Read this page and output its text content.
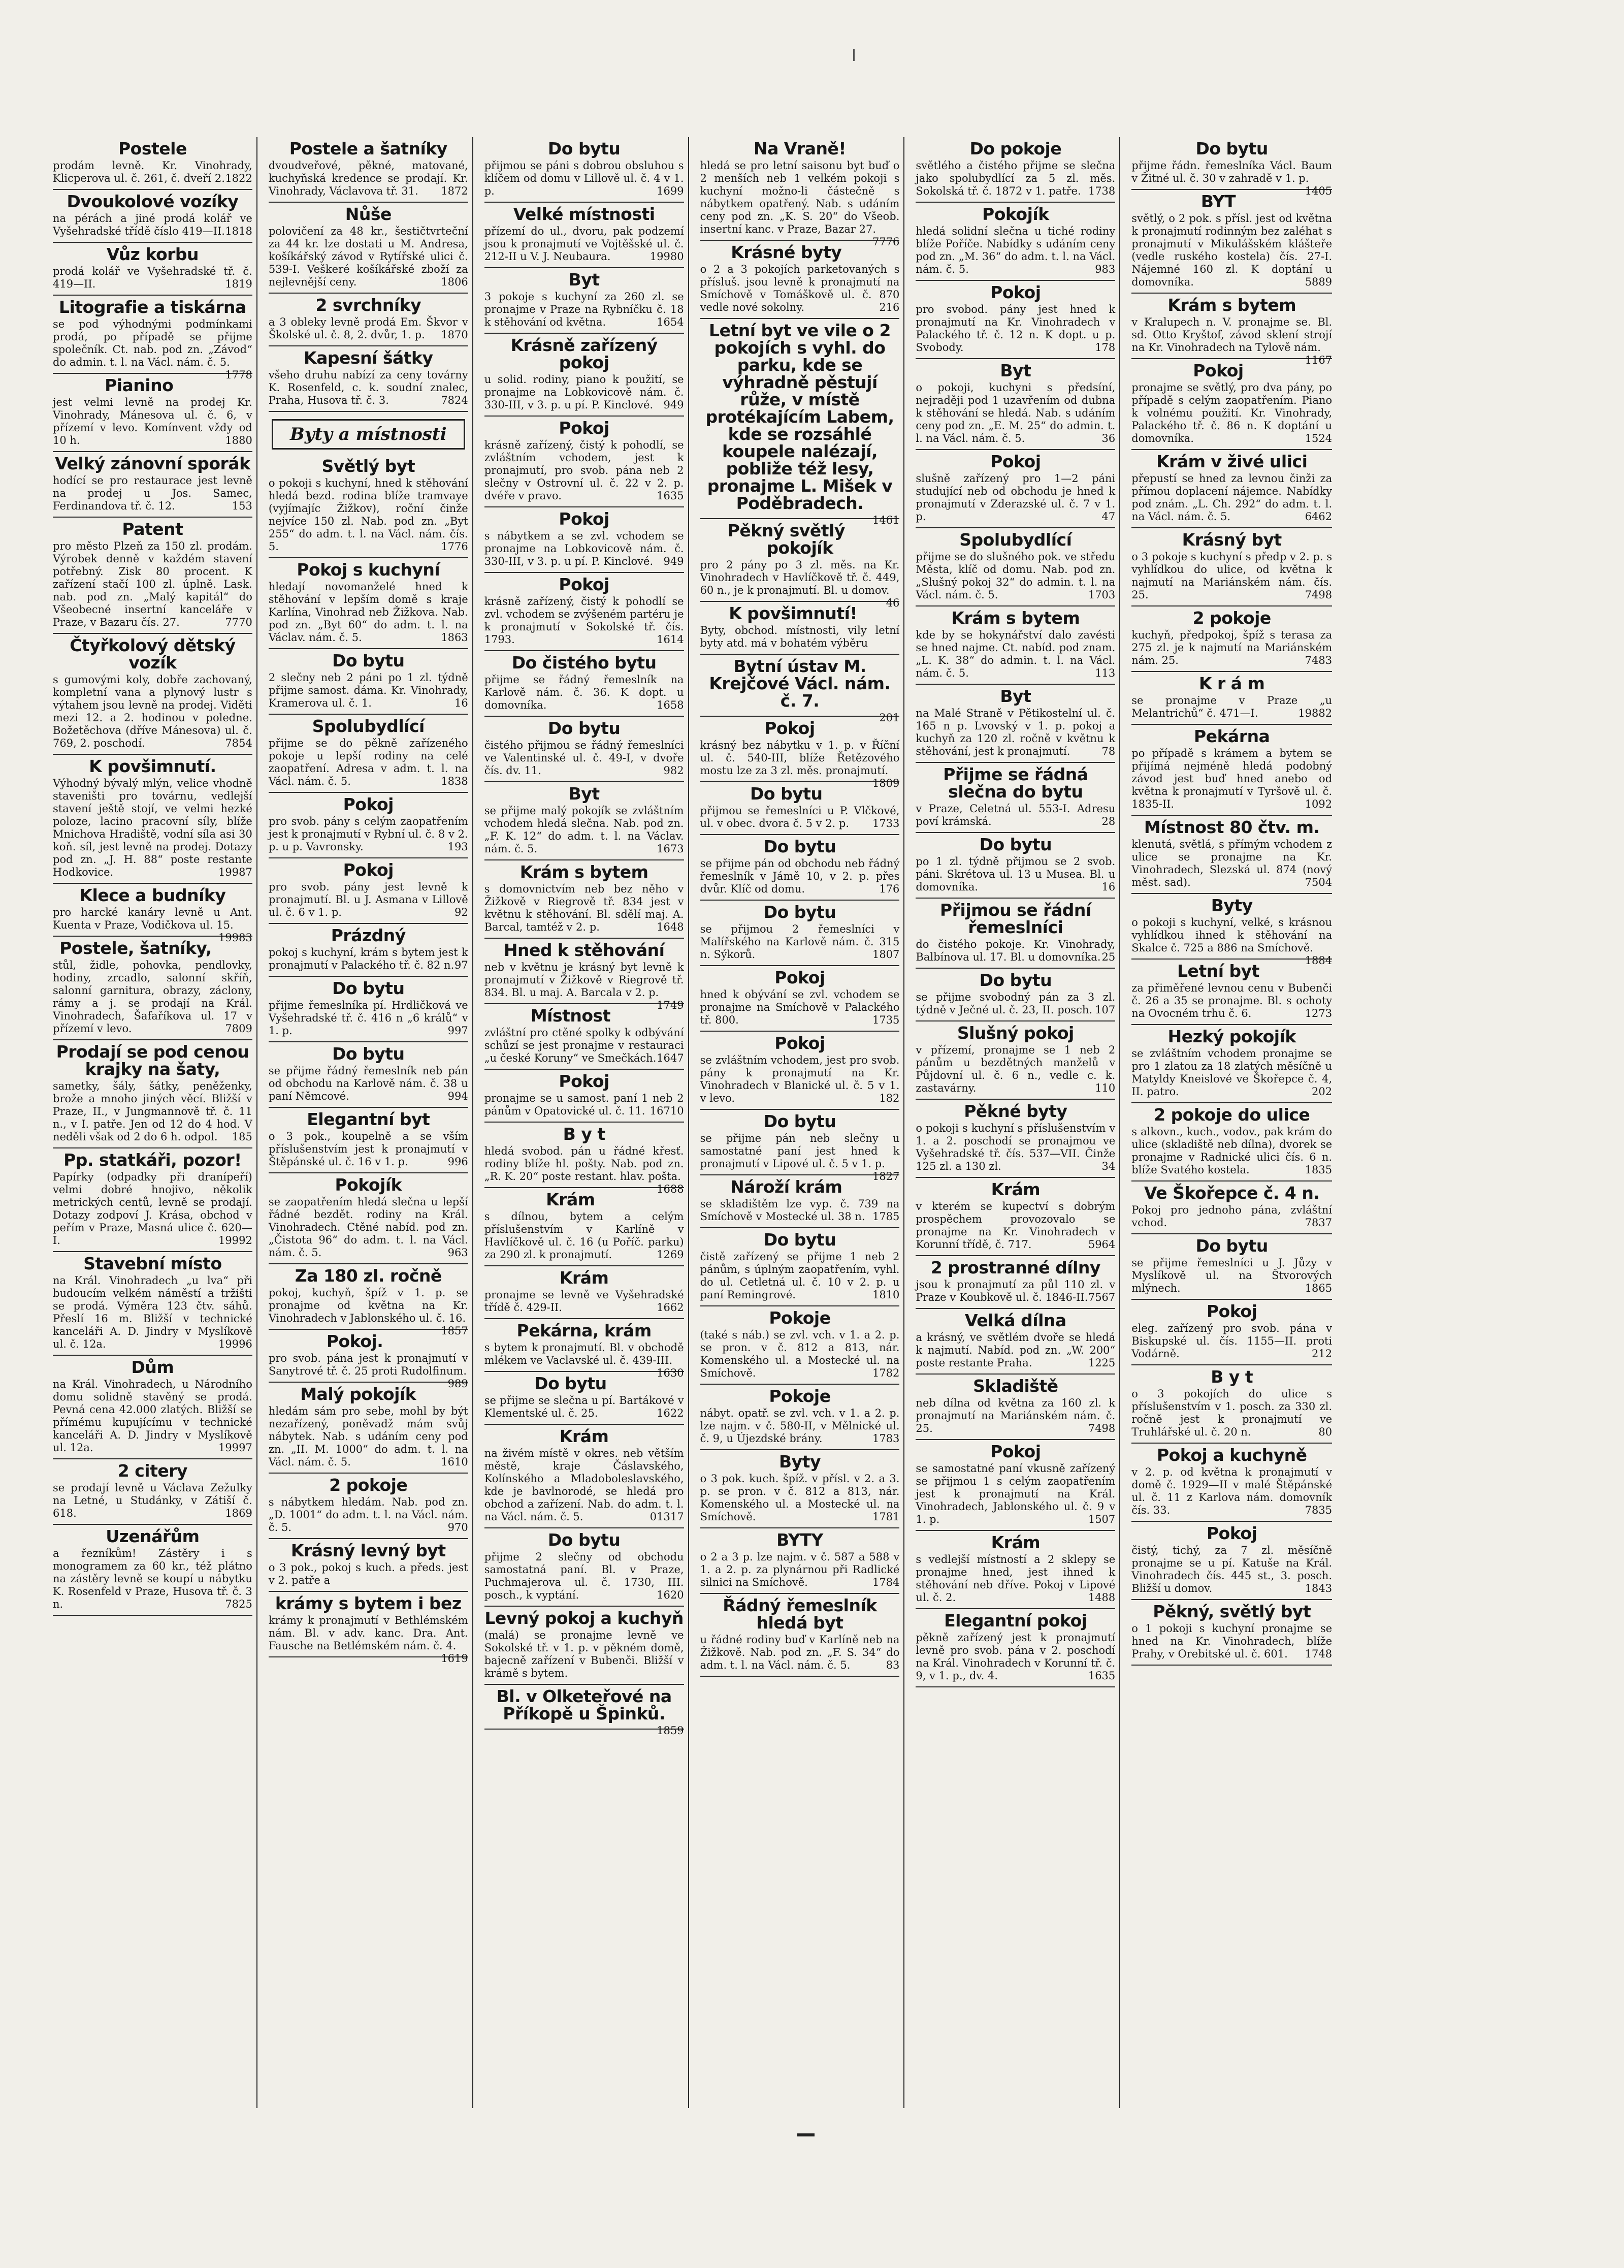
Postele

prodám levně. Kr. Vinohrady, Klicperova ul. č. 261, č. dveří 2. 1822

Dvoukolové vozíky

na pérách a jiné prodá kolář ve Vyšehradské třídě číslo 419—II. 1818

Vůz korbu

prodá kolář ve Vyšehradské tř. č. 419—II.	1819

Litografie a tiskárna

se pod výhodnými podmínkami prodá, po případě se přijme společník. Ct. nab. pod zn. „Závod“ do admin. t. l. na Václ. nám. č. 5.
1778

Pianino

jest velmi levně na prodej Kr. Vinohrady, Mánesova ul. č. 6, v přízemí v levo. Komínvent vždy od 10 h.	1880

Velký zánovní sporák

hodící se pro restaurace jest levně na prodej u Jos. Samec, Ferdinandova tř. č. 12.	153

Patent

pro město Plzeň za 150 zl. prodám. Výrobek denně v každém stavení potřebný. Zisk 80 procent. K zařízení stačí 100 zl. úplně. Lask. nab. pod zn. „Malý kapitál“ do Všeobecné insertní kanceláře v Praze, v Bazaru čís. 27.	7770

Čtyřkolový dětský vozík

s gumovými koly, dobře zachovaný, kompletní vana a plynový lustr s výtahem jsou levně na prodej. Viděti mezi 12. a 2. hodinou v poledne. Božetěchova (dříve Mánesova) ul. č. 769, 2. poschodí.	7854

K povšimnutí.

Výhodný bývalý mlýn, velice vhodně staveništi pro továrnu, vedlejší stavení ještě stojí, ve velmi hezké poloze, lacino pracovní síly, blíže Mnichova Hradiště, vodní síla asi 30 koň. síl, jest levně na prodej. Dotazy pod zn. „J. H. 88“ poste restante Hodkovice.	19987

Klece a budníky

pro harcké kanáry levně u Ant. Kuenta v Praze, Vodičkova ul. 15.
19983

Postele, šatníky,

stůl, židle, pohovka, pendlovky, hodiny, zrcadlo, salonní skříň, salonní garnitura, obrazy, záclony, rámy a j. se prodají na Král. Vinohradech, Šafaříkova ul. 17 v přízemí v levo.	7809

Prodají se pod cenou krajky na šaty,

sametky, šály, šátky, peněženky, brože a mnoho jiných věcí. Bližší v Praze, II., v Jungmannově tř. č. 11 n., v I. patře. Jen od 12 do 4 hod. V neděli však od 2 do 6 h. odpol. 185

Pp. statkáři, pozor!

Papírky (odpadky při dranípeří) velmi dobré hnojivo, několik metrických centů, levně se prodají. Dotazy zodpoví J. Krása, obchod v peřím v Praze, Masná ulice č. 620—I.	19992

Stavební místo

na Král. Vinohradech „u lva“ při budoucím velkém náměstí a tržišti se prodá. Výměra 123 čtv. sáhů. Přeslí 16 m. Bližší v technické kanceláři A. D. Jindry v Myslíkově ul. č. 12a.	19996

Dům

na Král. Vinohradech, u Národního domu solidně stavěný se prodá. Pevná cena 42.000 zlatých. Bližší se přímému kupujícímu v technické kanceláři A. D. Jindry v Myslíkově ul. 12a.	19997

2 citery

se prodají levně u Václava Zežulky na Letné, u Studánky, v Zátiší č. 618.	1869

Uzenářům

a řezníkům! Zástěry i s monogramem za 60 kr., též plátno na zástěry levně se koupí u nábytku K. Rosenfeld v Praze, Husova tř. č. 3 n.	7825

Postele a šatníky

dvoudveřové, pěkné, matované, kuchyňská kredence se prodají. Kr. Vinohrady, Václavova tř. 31. 1872

Nůše

polovičení za 48 kr., šestičtvrteční za 44 kr. lze dostati u M. Andresa, košíkářský závod v Rytířské ulici č. 539-I. Veškeré košíkářské zboží za nejlevnější ceny.	1806

2 svrchníky

a 3 obleky levně prodá Em. Škvor v Školské ul. č. 8, 2. dvůr, 1. p. 1870

Kapesní šátky

všeho druhu nabízí za ceny továrny K. Rosenfeld, c. k. soudní znalec, Praha, Husova tř. č. 3.	7824

Byty a místnosti
Světlý byt

o pokoji s kuchyní, hned k stěhování hledá bezd. rodina blíže tramvaye (vyjímajíc Žižkov), roční činže nejvíce 150 zl. Nab. pod zn. „Byt 255“ do adm. t. l. na Václ. nám. čís. 5.	1776

Pokoj s kuchyní

hledají novomanželé hned k stěhování v lepším domě s kraje Karlína, Vinohrad neb Žižkova. Nab. pod zn. „Byt 60“ do adm. t. l. na Václav. nám. č. 5.	1863

Do bytu

2 slečny neb 2 páni po 1 zl. týdně přijme samost. dáma. Kr. Vinohrady, Kramerova ul. č. 1.	16

Spolubydlící

přijme se do pěkně zařízeného pokoje u lepší rodiny na celé zaopatření. Adresa v adm. t. l. na Václ. nám. č. 5.	1838

Pokoj

pro svob. pány s celým zaopatřením jest k pronajmutí v Rybní ul. č. 8 v 2. p. u p. Vavronsky.	193

Pokoj

pro svob. pány jest levně k pronajmutí. Bl. u J. Asmana v Lillově ul. č. 6 v 1. p.	92

Prázdný

pokoj s kuchyní, krám s bytem jest k pronajmutí v Palackého tř. č. 82 n. 97

Do bytu

přijme řemeslníka pí. Hrdličková ve Vyšehradské tř. č. 416 n „6 králů“ v 1. p.	997

Do bytu

se přijme řádný řemeslník neb pán od obchodu na Karlově nám. č. 38 u paní Němcové.	994

Elegantní byt

o 3 pok., koupelně a se vším příslušenstvím jest k pronajmutí v Štěpánské ul. č. 16 v 1. p.	996

Pokojík

se zaopatřením hledá slečna u lepší řádné bezdět. rodiny na Král. Vinohradech. Ctěné nabíd. pod zn. „Čistota 96“ do adm. t. l. na Václ. nám. č. 5.	963

Za 180 zl. ročně

pokoj, kuchyň, špíž v 1. p. se pronajme od května na Kr. Vinohradech v Jablonského ul. č. 16.
1857

Pokoj.

pro svob. pána jest k pronajmutí v Sanytrové tř. č. 25 proti Rudolfinum.
989

Malý pokojík

hledám sám pro sebe, mohl by být nezařízený, poněvadž mám svůj nábytek. Nab. s udáním ceny pod zn. „II. M. 1000“ do adm. t. l. na Václ. nám. č. 5.	1610

2 pokoje

s nábytkem hledám. Nab. pod zn. „D. 1001“ do adm. t. l. na Václ. nám. č. 5.	970

Krásný levný byt

o 3 pok., pokoj s kuch. a předs. jest v 2. patře a

krámy s bytem i bez

krámy k pronajmutí v Bethlémském nám. Bl. v adv. kanc. Dra. Ant. Fausche na Betlémském nám. č. 4.
1619

Do bytu

přijmou se páni s dobrou obsluhou s klíčem od domu v Lillově ul. č. 4 v 1. p.	1699

Velké místnosti

přízemí do ul., dvoru, pak podzemí jsou k pronajmutí ve Vojtěšské ul. č. 212-II u V. J. Neubaura.	19980

Byt

3 pokoje s kuchyní za 260 zl. se pronajme v Praze na Rybníčku č. 18 k stěhování od května.	1654

Krásně zařízený pokoj

u solid. rodiny, piano k použití, se pronajme na Lobkovicově nám. č. 330-III, v 3. p. u pí. P. Kinclové. 949

Pokoj

krásně zařízený, čistý k pohodlí, se zvláštním vchodem, jest k pronajmutí, pro svob. pána neb 2 slečny v Ostrovní ul. č. 22 v 2. p. dvéře v pravo.	1635

Pokoj

s nábytkem a se zvl. vchodem se pronajme na Lobkovicově nám. č. 330-III, v 3. p. u pí. P. Kinclové. 949

Pokoj

krásně zařízený, čistý k pohodlí se zvl. vchodem se zvýšeném partéru je k pronajmutí v Sokolské tř. čís. 1793.	1614

Do čistého bytu

přijme se řádný řemeslník na Karlově nám. č. 36. K dopt. u domovníka.	1658

Do bytu

čistého přijmou se řádný řemeslníci ve Valentinské ul. č. 49-I, v dvoře čís. dv. 11.	982

Byt

se přijme malý pokojík se zvláštním vchodem hledá slečna. Nab. pod zn. „F. K. 12“ do adm. t. l. na Václav. nám. č. 5.	1673

Krám s bytem

s domovnictvím neb bez něho v Žižkově v Riegrově tř. 834 jest v květnu k stěhování. Bl. sdělí maj. A. Barcal, tamtéž v 2. p.	1648

Hned k stěhování

neb v květnu je krásný byt levně k pronajmutí v Žižkově v Riegrově tř. 834. Bl. u maj. A. Barcala v 2. p.
1749

Místnost

zvláštní pro ctěné spolky k odbývání schůzí se jest pronajme v restauraci „u české Koruny“ ve Smečkách. 1647

Pokoj

pronajme se u samost. paní 1 neb 2 pánům v Opatovické ul. č. 11. 16710

B y t

hledá svobod. pán u řádné křesť. rodiny blíže hl. pošty. Nab. pod zn. „R. K. 20“ poste restant. hlav. pošta.
1688

Krám

s dílnou, bytem a celým příslušenstvím v Karlíně v Havlíčkově ul. č. 16 (u Poříč. parku) za 290 zl. k pronajmutí.	1269

Krám

pronajme se levně ve Vyšehradské třídě č. 429-II.	1662

Pekárna, krám

s bytem k pronajmutí. Bl. v obchodě mlékem ve Vaclavské ul. č. 439-III.
1630

Do bytu

se přijme se slečna u pí. Bartákové v Klementské ul. č. 25.	1622

Krám

na živém místě v okres. neb větším městě, kraje Čáslavského, Kolínského a Mladoboleslavského, kde je bavlnorodé, se hledá pro obchod a zařízení. Nab. do adm. t. l. na Václ. nám. č. 5.	01317

Do bytu

přijme 2 slečny od obchodu samostatná paní. Bl. v Praze, Puchmajerova ul. č. 1730, III. posch., k vyptání.	1620

Levný pokoj a kuchyň

(malá) se pronajme levně ve Sokolské tř. v 1. p. v pěkném domě, bajecně zařízení v Bubenči. Bližší v krámě s bytem.

Bl. v Olketeřové na Příkopě u Špinků.

1859

Na Vraně!

hledá se pro letní saisonu byt buď o 2 menších neb 1 velkém pokoji s kuchyní možno-li částečně s nábytkem opatřený. Nab. s udáním ceny pod zn. „K. S. 20“ do Všeob. insertní kanc. v Praze, Bazar 27.
7776

Krásné byty

o 2 a 3 pokojích parketovaných s přísluš. jsou levně k pronajmutí na Smíchově v Tomáškově ul. č. 870 vedle nové sokolny.	216

Letní byt ve vile o 2 pokojích s vyhl. do parku, kde se výhradně pěstují růže, v místě protékajícím Labem, kde se rozsáhlé koupele nalézají, pobliže též lesy, pronajme L. Mišek v Poděbradech.

1461

Pěkný světlý pokojík

pro 2 pány po 3 zl. měs. na Kr. Vinohradech v Havlíčkově tř. č. 449, 60 n., je k pronajmutí. Bl. u domov.
46

K povšimnutí!

Byty, obchod. místnosti, vily letní byty atd. má v bohatém výběru

Bytní ústav M. Krejčové Václ. nám. č. 7.

201

Pokoj

krásný bez nábytku v 1. p. v Říční ul. č. 540-III, blíže Řetězového mostu lze za 3 zl. měs. pronajmutí.
1809

Do bytu

přijmou se řemeslníci u P. Vlčkové, ul. v obec. dvora č. 5 v 2. p. 1733

Do bytu

se přijme pán od obchodu neb řádný řemeslník v Jámě 10, v 2. p. přes dvůr. Klíč od domu.	176

Do bytu

se přijmou 2 řemeslníci v Malířského na Karlově nám. č. 315 n. Sýkorů.	1807

Pokoj

hned k obývání se zvl. vchodem se pronajme na Smíchově v Palackého tř. 800.	1735

Pokoj

se zvláštním vchodem, jest pro svob. pány k pronajmutí na Kr. Vinohradech v Blanické ul. č. 5 v 1. v levo.	182

Do bytu

se přijme pán neb slečny u samostatné paní jest hned k pronajmutí v Lipové ul. č. 5 v 1. p.
1827

Nároží krám

se skladištěm lze vyp. č. 739 na Smíchově v Mostecké ul. 38 n. 1785

Do bytu

čistě zařízený se přijme 1 neb 2 pánům, s úplným zaopatřením, vyhl. do ul. Cetletná ul. č. 10 v 2. p. u paní Remingrové.	1810

Pokoje

(také s náb.) se zvl. vch. v 1. a 2. p. se pron. v č. 812 a 813, nár. Komenského ul. a Mostecké ul. na Smíchově.	1782

Pokoje

nábyt. opatř. se zvl. vch. v 1. a 2. p. lze najm. v č. 580-II, v Mělnické ul. č. 9, u Újezdské brány.	1783

Byty

o 3 pok. kuch. špíž. v přísl. v 2. a 3. p. se pron. v č. 812 a 813, nár. Komenského ul. a Mostecké ul. na Smíchově.	1781

BYTY

o 2 a 3 p. lze najm. v č. 587 a 588 v 1. a 2. p. za plynárnou při Radlické silnici na Smíchově.	1784

Řádný řemeslník hledá byt

u řádné rodiny buď v Karlíně neb na Žižkově. Nab. pod zn. „F. S. 34“ do adm. t. l. na Václ. nám. č. 5.	83

Do pokoje

světlého a čistého přijme se slečna jako spolubydlící za 5 zl. měs. Sokolská tř. č. 1872 v 1. patře. 1738

Pokojík

hledá solidní slečna u tiché rodiny blíže Poříče. Nabídky s udáním ceny pod zn. „M. 36“ do adm. t. l. na Václ. nám. č. 5.	983

Pokoj

pro svobod. pány jest hned k pronajmutí na Kr. Vinohradech v Palackého tř. č. 12 n. K dopt. u p. Svobody.	178

Byt

o pokoji, kuchyni s předsíní, nejraději pod 1 uzavřením od dubna k stěhování se hledá. Nab. s udáním ceny pod zn. „E. M. 25“ do admin. t. l. na Václ. nám. č. 5.	36

Pokoj

slušně zařízený pro 1—2 páni studující neb od obchodu je hned k pronajmutí v Zderazské ul. č. 7 v 1. p.	47

Spolubydlící

přijme se do slušného pok. ve středu Města, klíč od domu. Nab. pod zn. „Slušný pokoj 32“ do admin. t. l. na Václ. nám. č. 5.	1703

Krám s bytem

kde by se hokynářství dalo zavésti se hned najme. Ct. nabíd. pod znam. „L. K. 38“ do admin. t. l. na Václ. nám. č. 5.	113

Byt

na Malé Straně v Pětikostelní ul. č. 165 n p. Lvovský v 1. p. pokoj a kuchyň za 120 zl. ročně v květnu k stěhování, jest k pronajmutí.	78

Přijme se řádná slečna do bytu

v Praze, Celetná ul. 553-I. Adresu poví krámská.	28

Do bytu

po 1 zl. týdně přijmou se 2 svob. páni. Skrétova ul. 13 u Musea. Bl. u domovníka.	16

Přijmou se řádní řemeslníci

do čistého pokoje. Kr. Vinohrady, Balbínova ul. 17. Bl. u domovníka. 25

Do bytu

se přijme svobodný pán za 3 zl. týdně v Ječné ul. č. 23, II. posch. 107

Slušný pokoj

v přízemí, pronajme se 1 neb 2 pánům u bezdětných manželů v Půjdovní ul. č. 6 n., vedle c. k. zastavárny.	110

Pěkné byty

o pokoji s kuchyní s příslušenstvím v 1. a 2. poschodí se pronajmou ve Vyšehradské tř. čís. 537—VII. Činže 125 zl. a 130 zl.	34

Krám

v kterém se kupectví s dobrým prospěchem provozovalo se pronajme na Kr. Vinohradech v Korunní třídě, č. 717.	5964

2 prostranné dílny

jsou k pronajmutí za půl 110 zl. v Praze v Koubkově ul. č. 1846-II. 7567

Velká dílna

a krásný, ve světlém dvoře se hledá k najmutí. Nabíd. pod zn. „W. 200“ poste restante Praha.	1225

Skladiště

neb dílna od května za 160 zl. k pronajmutí na Mariánském nám. č. 25.	7498

Pokoj

se samostatné paní vkusně zařízený se přijmou 1 s celým zaopatřením jest k pronajmutí na Král. Vinohradech, Jablonského ul. č. 9 v 1. p.	1507

Krám

s vedlejší místností a 2 sklepy se pronajme hned, jest ihned k stěhování neb dříve. Pokoj v Lipové ul. č. 2.	1488

Elegantní pokoj

pěkně zařízený jest k pronajmutí levně pro svob. pána v 2. poschodí na Král. Vinohradech v Korunní tř. č. 9, v 1. p., dv. 4.	1635

Do bytu

přijme řádn. řemeslníka Václ. Baum v Žitné ul. č. 30 v zahradě v 1. p.
1405

BYT

světlý, o 2 pok. s přísl. jest od května k pronajmutí rodinným bez zaléhat s pronajmutí v Mikulášském klášteře (vedle ruského kostela) čís. 27-I. Nájemné 160 zl. K doptání u domovníka.	5889

Krám s bytem

v Kralupech n. V. pronajme se. Bl. sd. Otto Kryštof, závod sklení strojí na Kr. Vinohradech na Tylově nám.
1167

Pokoj

pronajme se světlý, pro dva pány, po případě s celým zaopatřením. Piano k volnému použití. Kr. Vinohrady, Palackého tř. č. 86 n. K doptání u domovníka.	1524

Krám v živé ulici

přepustí se hned za levnou činži za přímou doplacení nájemce. Nabídky pod znám. „L. Ch. 292“ do adm. t. l. na Václ. nám. č. 5.	6462

Krásný byt

o 3 pokoje s kuchyní s předp v 2. p. s vyhlídkou do ulice, od května k najmutí na Mariánském nám. čís. 25.	7498

2 pokoje

kuchyň, předpokoj, špíž s terasa za 275 zl. je k najmutí na Mariánském nám. 25.	7483

K r á m

se pronajme v Praze „u Melantrichů“ č. 471—I.	19882

Pekárna

po případě s krámem a bytem se přijímá nejméně hledá podobný závod jest buď hned anebo od května k pronajmutí v Tyršově ul. č. 1835-II.	1092

Místnost 80 čtv. m.

klenutá, světlá, s přímým vchodem z ulice se pronajme na Kr. Vinohradech, Slezská ul. 874 (nový měst. sad).	7504

Byty

o pokoji s kuchyní, velké, s krásnou vyhlídkou ihned k stěhování na Skalce č. 725 a 886 na Smíchově.
1884

Letní byt

za přiměřené levnou cenu v Bubenči č. 26 a 35 se pronajme. Bl. s ochoty na Ovocném trhu č. 6.	1273

Hezký pokojík

se zvláštním vchodem pronajme se pro 1 zlatou za 18 zlatých měsíčně u Matyldy Kneislové ve Škořepce č. 4, II. patro.	202

2 pokoje do ulice

s alkovn., kuch., vodov., pak krám do ulice (skladiště neb dílna), dvorek se pronajme v Radnické ulici čís. 6 n. blíže Svatého kostela.	1835

Ve Škořepce č. 4 n.

Pokoj pro jednoho pána, zvláštní vchod.	7837

Do bytu

se přijme řemeslníci u J. Jůzy v Myslíkově ul. na Štvorových mlýnech.	1865

Pokoj

eleg. zařízený pro svob. pána v Biskupské ul. čís. 1155—II. proti Vodárně.	212

B y t

o 3 pokojích do ulice s příslušenstvím v 1. posch. za 330 zl. ročně jest k pronajmutí ve Truhlářské ul. č. 20 n.	80

Pokoj a kuchyně

v 2. p. od května k pronajmutí v domě č. 1929—II v malé Štěpánské ul. č. 11 z Karlova nám. domovník čís. 33.	7835

Pokoj

čistý, tichý, za 7 zl. měsíčně pronajme se u pí. Katuše na Král. Vinohradech čís. 445 st., 3. posch. Bližší u domov.	1843

Pěkný, světlý byt

o 1 pokoji s kuchyní pronajme se hned na Kr. Vinohradech, blíže Prahy, v Orebitské ul. č. 601. 1748
